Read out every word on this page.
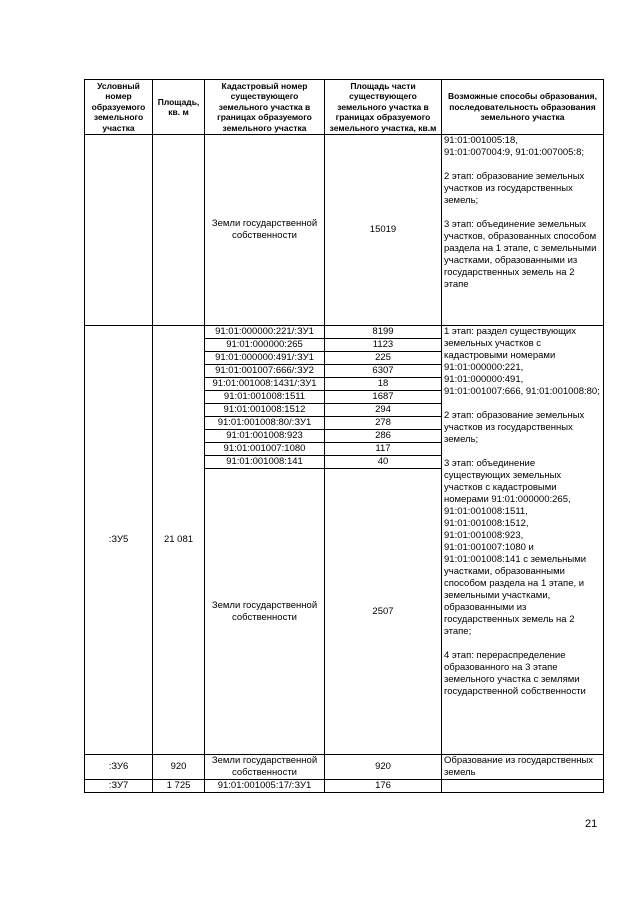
Условный номер образуемого земельного участка	Площадь, кв. м	Кадастровый номер существующего земельного участка в границах образуемого земельного участка	Площадь части существующего земельного участка в границах образуемого земельного участка, кв.м	Возможные способы образования, последовательность образования земельного участка
		Земли государственной собственности	15019	91:01:001005:18,
91:01:007004:9, 91:01:007005:8;

2 этап: образование земельных участков из государственных земель;

3 этап: объединение земельных участков, образованных способом раздела на 1 этапе, с земельными участками, образованными из государственных земель на 2 этапе
:ЗУ5	21 081	91:01:000000:221/:ЗУ1	8199	1 этап: раздел существующих земельных участков с кадастровыми номерами 91:01:000000:221, 91:01:000000:491, 91:01:001007:666, 91:01:001008:80;

2 этап: образование земельных участков из государственных земель;

3 этап: объединение существующих земельных участков с кадастровыми номерами 91:01:000000:265, 91:01:001008:1511, 91:01:001008:1512, 91:01:001008:923, 91:01:001007:1080 и 91:01:001008:141 с земельными участками, образованными способом раздела на 1 этапе, и земельными участками, образованными из государственных земель на 2 этапе;

4 этап: перераспределение образованного на 3 этапе земельного участка с землями государственной собственности
		91:01:000000:265	1123	
		91:01:000000:491/:ЗУ1	225	
		91:01:001007:666/:ЗУ2	6307	
		91:01:001008:1431/:ЗУ1	18	
		91:01:001008:1511	1687	
		91:01:001008:1512	294	
		91:01:001008:80/:ЗУ1	278	
		91:01:001008:923	286	
		91:01:001007:1080	117	
		91:01:001008:141	40	
		Земли государственной собственности	2507	
:ЗУ6	920	Земли государственной собственности	920	Образование из государственных земель
:ЗУ7	1 725	91:01:001005:17/:ЗУ1	176	
21
